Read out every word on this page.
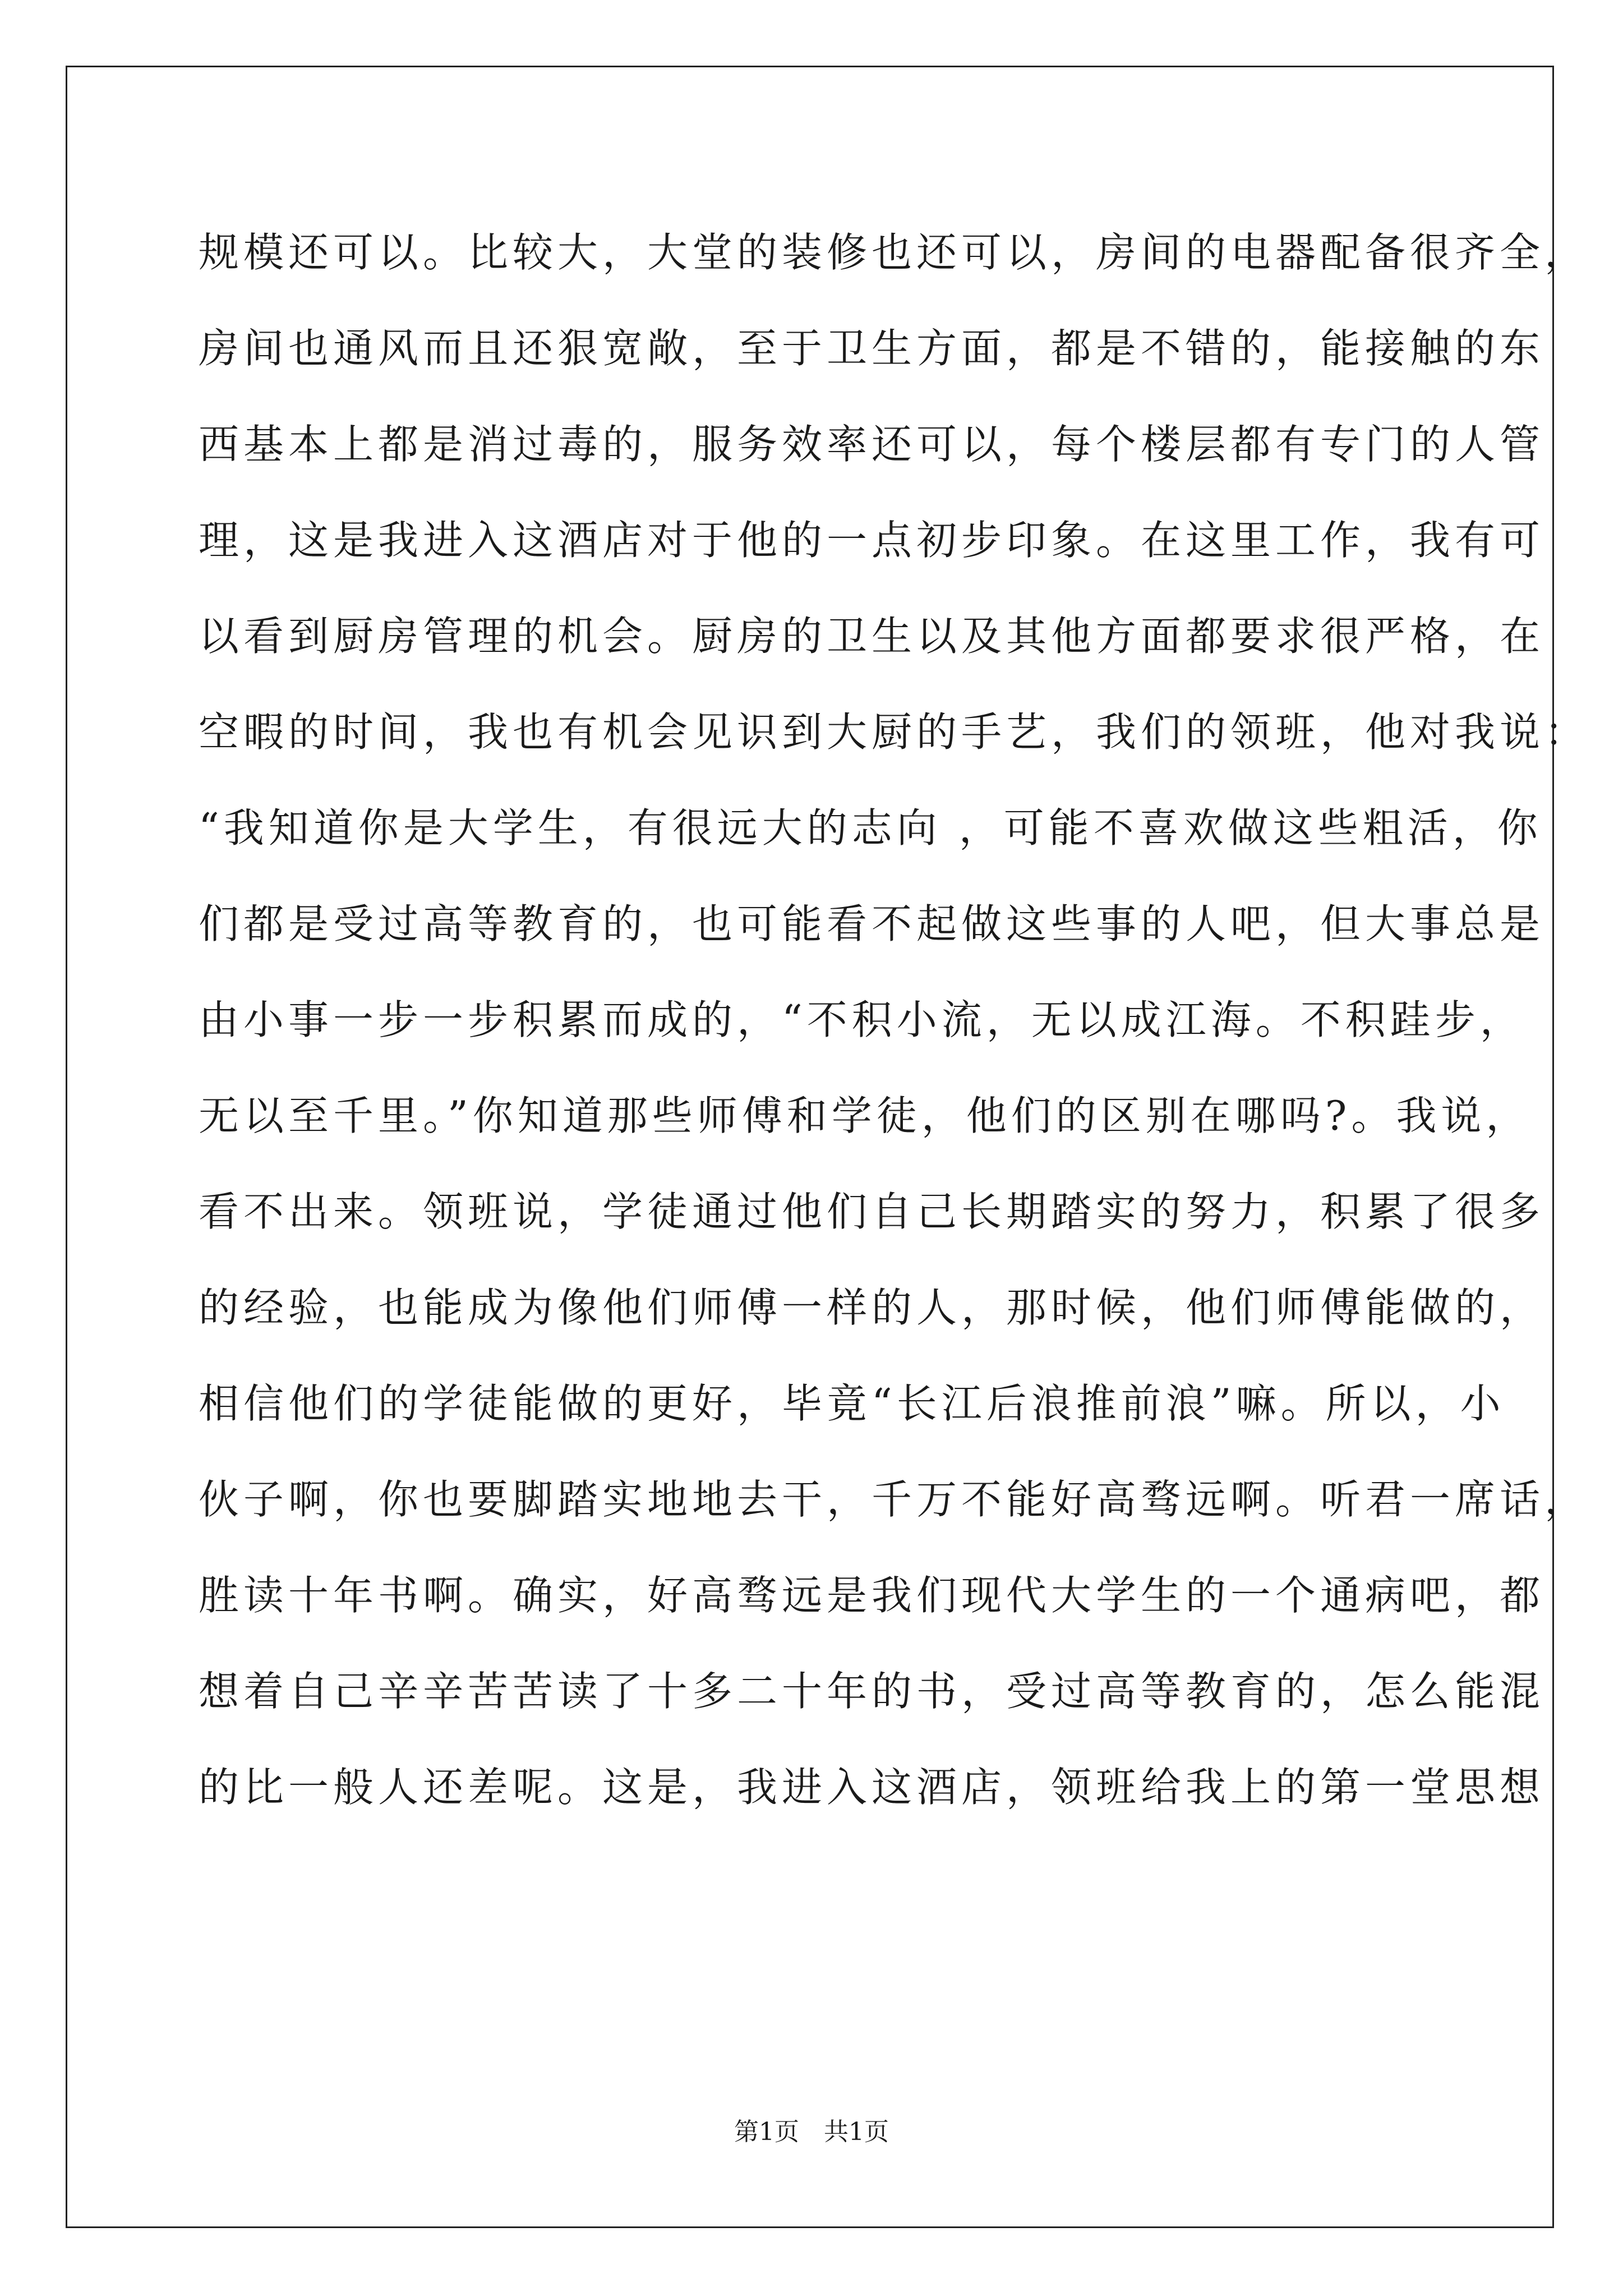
规模还可以。比较大，大堂的装修也还可以，房间的电器配备很齐全，
房间也通风而且还狠宽敞，至于卫生方面，都是不错的，能接触的东
西基本上都是消过毒的，服务效率还可以，每个楼层都有专门的人管
理，这是我进入这酒店对于他的一点初步印象。在这里工作，我有可
以看到厨房管理的机会。厨房的卫生以及其他方面都要求很严格，在
空暇的时间，我也有机会见识到大厨的手艺，我们的领班，他对我说：
“我知道你是大学生，有很远大的志向 ，可能不喜欢做这些粗活，你
们都是受过高等教育的，也可能看不起做这些事的人吧，但大事总是
由小事一步一步积累而成的，“不积小流，无以成江海。不积跬步，
无以至千里。”你知道那些师傅和学徒，他们的区别在哪吗?。我说，
看不出来。领班说，学徒通过他们自己长期踏实的努力，积累了很多
的经验，也能成为像他们师傅一样的人，那时候，他们师傅能做的，
相信他们的学徒能做的更好，毕竟“长江后浪推前浪”嘛。所以，小
伙子啊，你也要脚踏实地地去干，千万不能好高骛远啊。听君一席话，
胜读十年书啊。确实，好高骛远是我们现代大学生的一个通病吧，都
想着自己辛辛苦苦读了十多二十年的书，受过高等教育的，怎么能混
的比一般人还差呢。这是，我进入这酒店，领班给我上的第一堂思想
第1页 共1页
